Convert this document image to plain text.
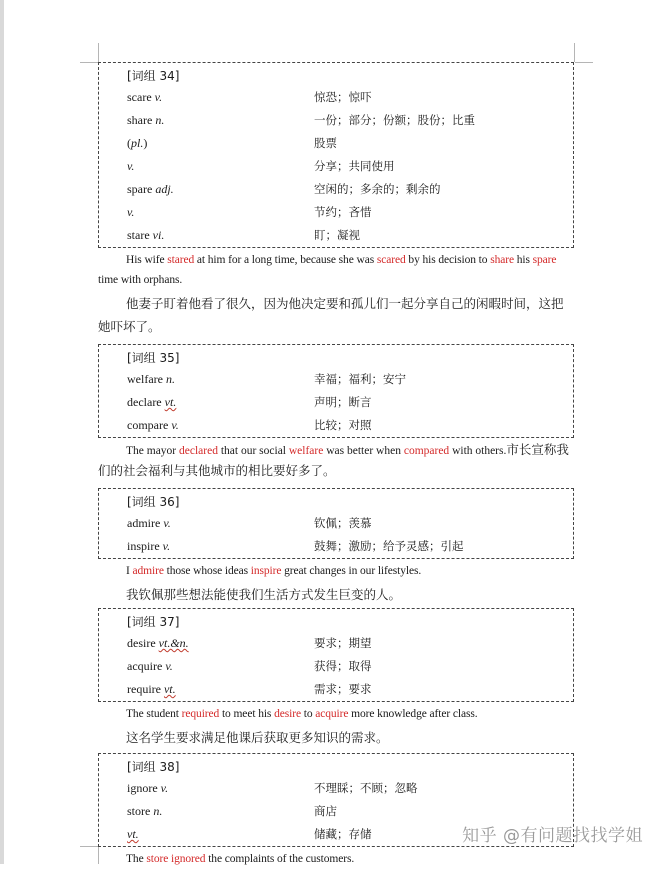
[词组 34]
scare v.	惊恐；惊吓
share n.	一份；部分；份额；股份；比重
(pl.)	股票
v.	分享；共同使用
spare adj.	空闲的；多余的；剩余的
v.	节约；吝惜
stare vi.	盯；凝视
His wife stared at him for a long time, because she was scared by his decision to share his spare time with orphans.
他妻子盯着他看了很久，因为他决定要和孤儿们一起分享自己的闲暇时间，这把她吓坏了。
[词组 35]
welfare n.	幸福；福利；安宁
declare vt.	声明；断言
compare v.	比较；对照
The mayor declared that our social welfare was better when compared with others.市长宣称我们的社会福利与其他城市的相比要好多了。
[词组 36]
admire v.	钦佩；羡慕
inspire v.	鼓舞；激励；给予灵感；引起
I admire those whose ideas inspire great changes in our lifestyles.
我钦佩那些想法能使我们生活方式发生巨变的人。
[词组 37]
desire vt.&n.	要求；期望
acquire v.	获得；取得
require vt.	需求；要求
The student required to meet his desire to acquire more knowledge after class.
这名学生要求满足他课后获取更多知识的需求。
[词组 38]
ignore v.	不理睬；不顾；忽略
store n.	商店
vt.	储藏；存储
The store ignored the complaints of the customers.
知乎 @有问题找找学姐
